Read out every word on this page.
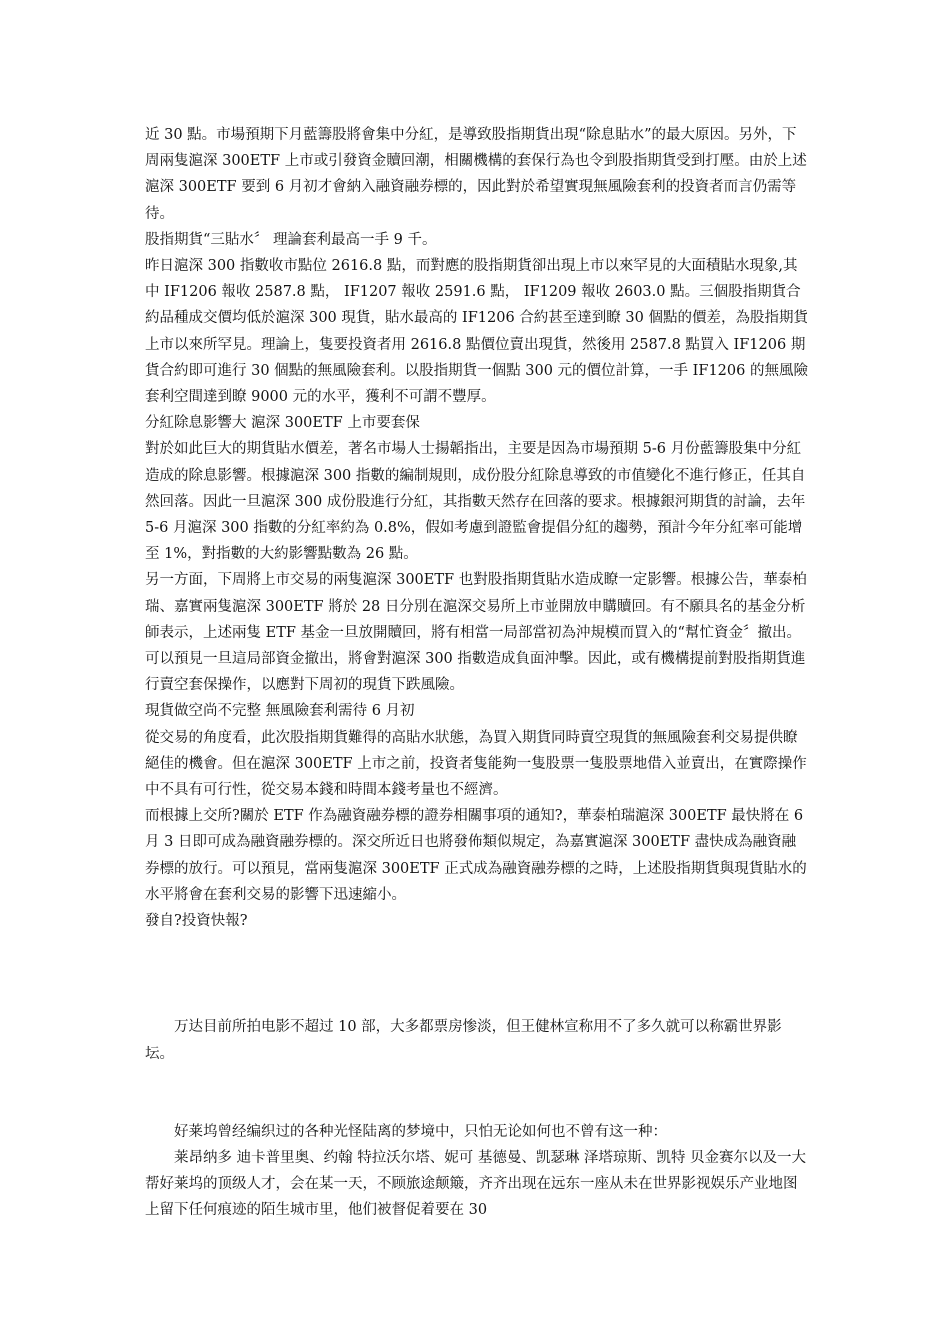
近 30 點。市場預期下月藍籌股將會集中分紅，是導致股指期貨出現“除息貼水”的最大原因。另外，下周兩隻滬深 300ETF 上市或引發資金贖回潮，相關機構的套保行為也令到股指期貨受到打壓。由於上述滬深 300ETF 要到 6 月初才會納入融資融券標的，因此對於希望實現無風險套利的投資者而言仍需等待。

股指期貨“三貼水〞 理論套利最高一手 9 千。

昨日滬深 300 指數收市點位 2616.8 點，而對應的股指期貨卻出現上市以來罕見的大面積貼水現象,其中 IF1206 報收 2587.8 點， IF1207 報收 2591.6 點， IF1209 報收 2603.0 點。三個股指期貨合約品種成交價均低於滬深 300 現貨，貼水最高的 IF1206 合約甚至達到瞭 30 個點的價差，為股指期貨上市以來所罕見。理論上，隻要投資者用 2616.8 點價位賣出現貨，然後用 2587.8 點買入 IF1206 期貨合約即可進行 30 個點的無風險套利。以股指期貨一個點 300 元的價位計算，一手 IF1206 的無風險套利空間達到瞭 9000 元的水平，獲利不可謂不豐厚。

分紅除息影響大 滬深 300ETF 上市要套保

對於如此巨大的期貨貼水價差，著名市場人士揚韜指出，主要是因為市場預期 5-6 月份藍籌股集中分紅造成的除息影響。根據滬深 300 指數的編制規則，成份股分紅除息導致的市值變化不進行修正，任其自然回落。因此一旦滬深 300 成份股進行分紅，其指數天然存在回落的要求。根據銀河期貨的討論，去年 5-6 月滬深 300 指數的分紅率約為 0.8%，假如考慮到證監會提倡分紅的趨勢，預計今年分紅率可能增至 1%，對指數的大約影響點數為 26 點。

另一方面，下周將上市交易的兩隻滬深 300ETF 也對股指期貨貼水造成瞭一定影響。根據公告，華泰柏瑞、嘉實兩隻滬深 300ETF 將於 28 日分別在滬深交易所上市並開放申購贖回。有不願具名的基金分析師表示，上述兩隻 ETF 基金一旦放開贖回，將有相當一局部當初為沖規模而買入的“幫忙資金〞撤出。可以預見一旦這局部資金撤出，將會對滬深 300 指數造成負面沖擊。因此，或有機構提前對股指期貨進行賣空套保操作，以應對下周初的現貨下跌風險。

現貨做空尚不完整 無風險套利需待 6 月初

從交易的角度看，此次股指期貨難得的高貼水狀態，為買入期貨同時賣空現貨的無風險套利交易提供瞭絕佳的機會。但在滬深 300ETF 上市之前，投資者隻能夠一隻股票一隻股票地借入並賣出，在實際操作中不具有可行性，從交易本錢和時間本錢考量也不經濟。

而根據上交所?關於 ETF 作為融資融券標的證券相關事項的通知?，華泰柏瑞滬深 300ETF 最快將在 6 月 3 日即可成為融資融券標的。深交所近日也將發佈類似規定，為嘉實滬深 300ETF 盡快成為融資融券標的放行。可以預見，當兩隻滬深 300ETF 正式成為融資融券標的之時，上述股指期貨與現貨貼水的水平將會在套利交易的影響下迅速縮小。

發自?投資快報?

万达目前所拍电影不超过 10 部，大多都票房惨淡，但王健林宣称用不了多久就可以称霸世界影坛。

好莱坞曾经编织过的各种光怪陆离的梦境中，只怕无论如何也不曾有这一种：

莱昂纳多 迪卡普里奥、约翰 特拉沃尔塔、妮可 基德曼、凯瑟琳 泽塔琼斯、凯特 贝金赛尔以及一大帮好莱坞的顶级人才，会在某一天，不顾旅途颠簸，齐齐出现在远东一座从未在世界影视娱乐产业地图上留下任何痕迹的陌生城市里，他们被督促着要在 30
